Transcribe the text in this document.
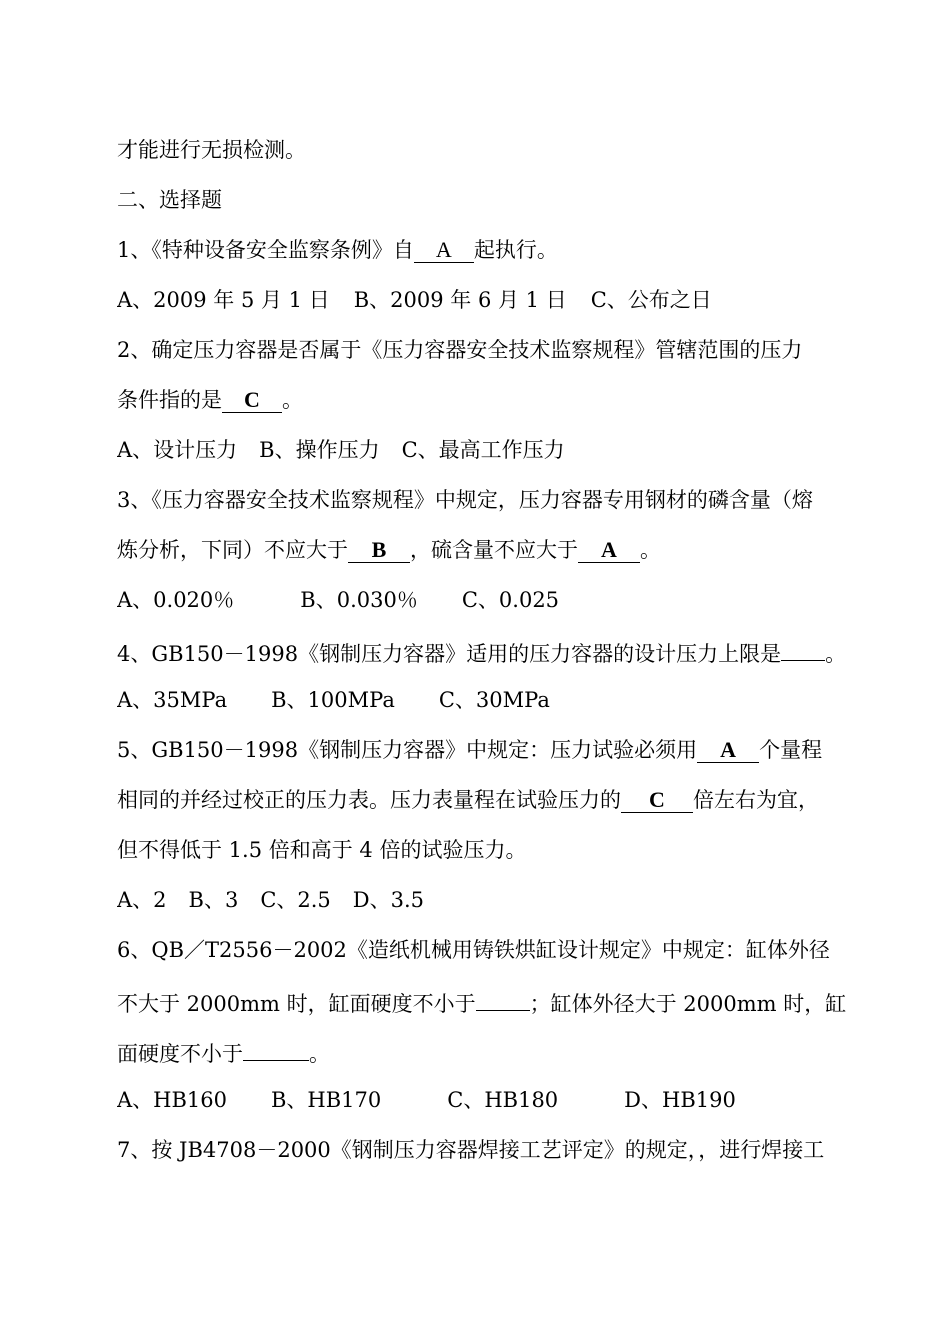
才能进行无损检测。
二、选择题
1、《特种设备安全监察条例》自 A 起执行。
A、2009 年 5 月 1 日 B、2009 年 6 月 1 日 C、公布之日
2、确定压力容器是否属于《压力容器安全技术监察规程》管辖范围的压力
条件指的是 C 。
A、设计压力 B、操作压力 C、最高工作压力
3、《压力容器安全技术监察规程》中规定，压力容器专用钢材的磷含量（熔
炼分析，下同）不应大于 B ，硫含量不应大于 A 。
A、0.020％	B、0.030％ C、0.025
4、GB150－1998《钢制压力容器》适用的压力容器的设计压力上限是 。
A、35MPa B、100MPa C、30MPa
5、GB150－1998《钢制压力容器》中规定：压力试验必须用 A 个量程
相同的并经过校正的压力表。压力表量程在试验压力的 C 倍左右为宜，
但不得低于 1.5 倍和高于 4 倍的试验压力。
A、2 B、3 C、2.5 D、3.5
6、QB／T2556－2002《造纸机械用铸铁烘缸设计规定》中规定：缸体外径
不大于 2000mm 时，缸面硬度不小于	；缸体外径大于 2000mm 时，缸
面硬度不小于	。
A、HB160 B、HB170	C、HB180	D、HB190
7、按 JB4708－2000《钢制压力容器焊接工艺评定》的规定，，进行焊接工
